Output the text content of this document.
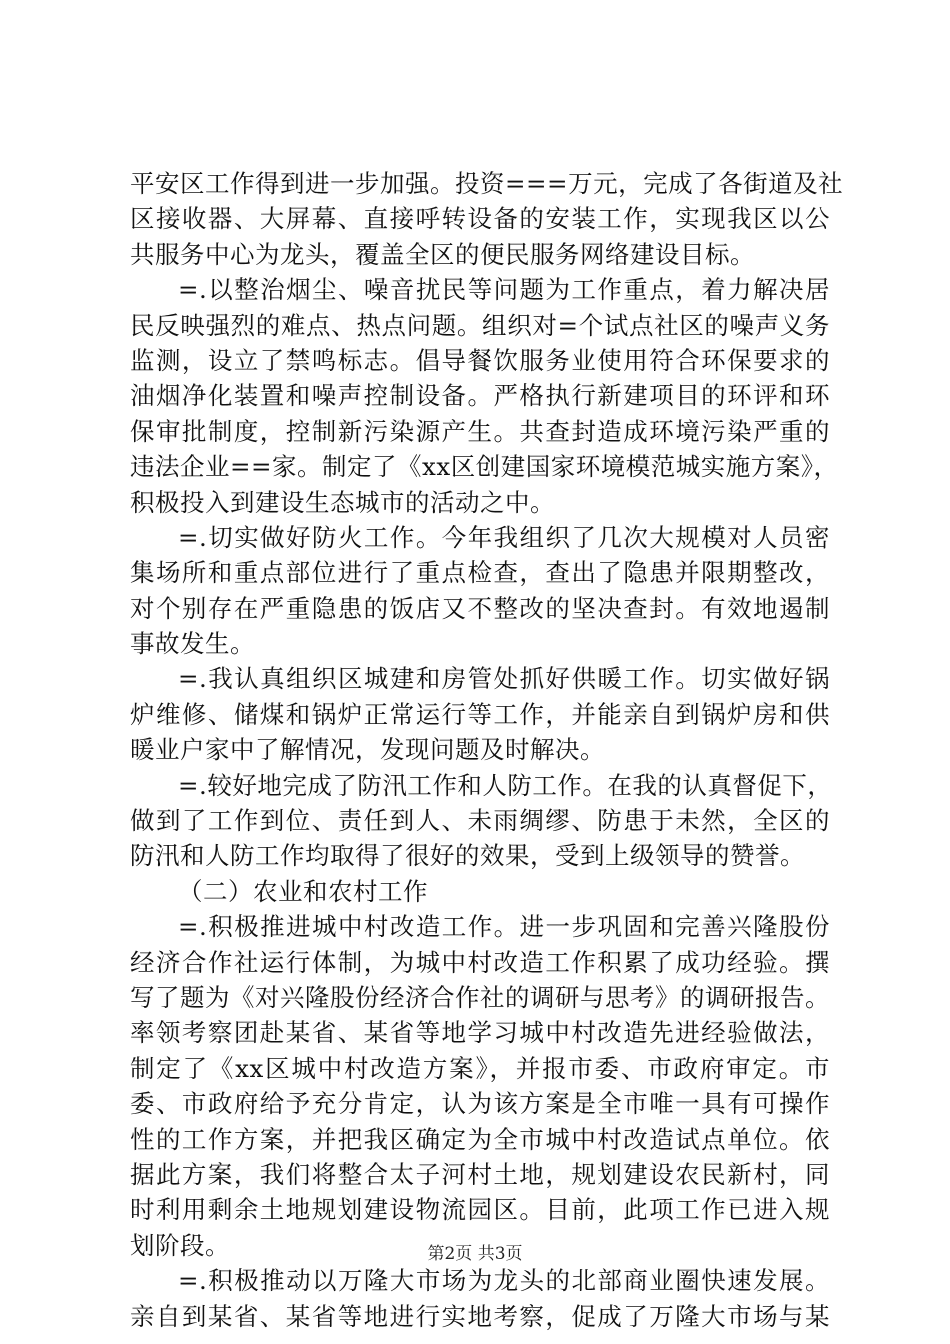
平安区工作得到进一步加强。投资===万元，完成了各街道及社
区接收器、大屏幕、直接呼转设备的安装工作，实现我区以公
共服务中心为龙头，覆盖全区的便民服务网络建设目标。
=.以整治烟尘、噪音扰民等问题为工作重点，着力解决居
民反映强烈的难点、热点问题。组织对=个试点社区的噪声义务
监测，设立了禁鸣标志。倡导餐饮服务业使用符合环保要求的
油烟净化装置和噪声控制设备。严格执行新建项目的环评和环
保审批制度，控制新污染源产生。共查封造成环境污染严重的
违法企业==家。制定了《xx区创建国家环境模范城实施方案》，
积极投入到建设生态城市的活动之中。
=.切实做好防火工作。今年我组织了几次大规模对人员密
集场所和重点部位进行了重点检查，查出了隐患并限期整改，
对个别存在严重隐患的饭店又不整改的坚决查封。有效地遏制
事故发生。
=.我认真组织区城建和房管处抓好供暖工作。切实做好锅
炉维修、储煤和锅炉正常运行等工作，并能亲自到锅炉房和供
暖业户家中了解情况，发现问题及时解决。
=.较好地完成了防汛工作和人防工作。在我的认真督促下，
做到了工作到位、责任到人、未雨绸缪、防患于未然，全区的
防汛和人防工作均取得了很好的效果，受到上级领导的赞誉。
（二）农业和农村工作
=.积极推进城中村改造工作。进一步巩固和完善兴隆股份
经济合作社运行体制，为城中村改造工作积累了成功经验。撰
写了题为《对兴隆股份经济合作社的调研与思考》的调研报告。
率领考察团赴某省、某省等地学习城中村改造先进经验做法，
制定了《xx区城中村改造方案》，并报市委、市政府审定。市
委、市政府给予充分肯定，认为该方案是全市唯一具有可操作
性的工作方案，并把我区确定为全市城中村改造试点单位。依
据此方案，我们将整合太子河村土地，规划建设农民新村，同
时利用剩余土地规划建设物流园区。目前，此项工作已进入规
划阶段。
=.积极推动以万隆大市场为龙头的北部商业圈快速发展。
亲自到某省、某省等地进行实地考察，促成了万隆大市场与某
第2页 共3页
